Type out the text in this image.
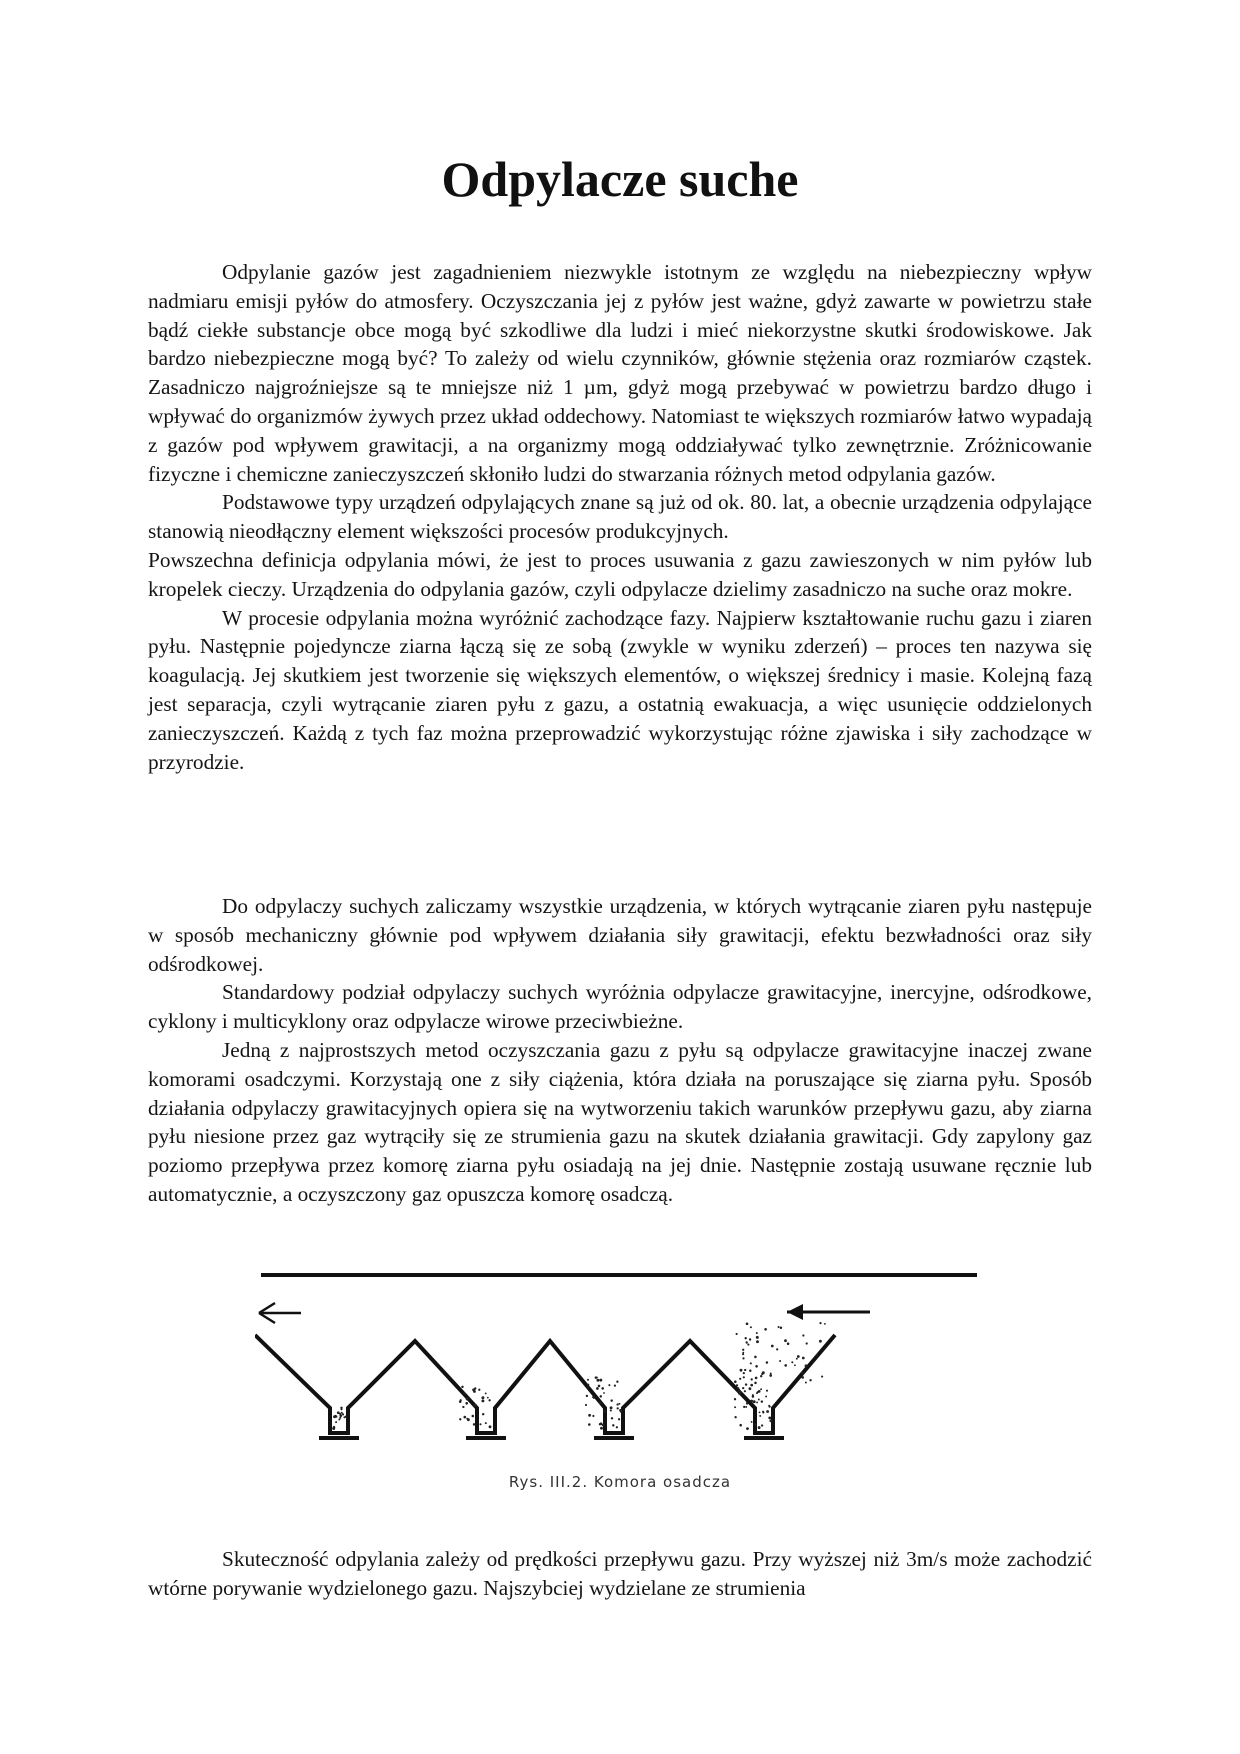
Odpylacze suche

Odpylanie gazów jest zagadnieniem niezwykle istotnym ze względu na niebezpieczny wpływ nadmiaru emisji pyłów do atmosfery. Oczyszczania jej z pyłów jest ważne, gdyż zawarte w powietrzu stałe bądź ciekłe substancje obce mogą być szkodliwe dla ludzi i mieć niekorzystne skutki środowiskowe. Jak bardzo niebezpieczne mogą być? To zależy od wielu czynników, głównie stężenia oraz rozmiarów cząstek. Zasadniczo najgroźniejsze są te mniejsze niż 1 µm, gdyż mogą przebywać w powietrzu bardzo długo i wpływać do organizmów żywych przez układ oddechowy. Natomiast te większych rozmiarów łatwo wypadają z gazów pod wpływem grawitacji, a na organizmy mogą oddziaływać tylko zewnętrznie. Zróżnicowanie fizyczne i chemiczne zanieczyszczeń skłoniło ludzi do stwarzania różnych metod odpylania gazów.

Podstawowe typy urządzeń odpylających znane są już od ok. 80. lat, a obecnie urządzenia odpylające stanowią nieodłączny element większości procesów produkcyjnych.

Powszechna definicja odpylania mówi, że jest to proces usuwania z gazu zawieszonych w nim pyłów lub kropelek cieczy. Urządzenia do odpylania gazów, czyli odpylacze dzielimy zasadniczo na suche oraz mokre.

W procesie odpylania można wyróżnić zachodzące fazy. Najpierw kształtowanie ruchu gazu i ziaren pyłu. Następnie pojedyncze ziarna łączą się ze sobą (zwykle w wyniku zderzeń) – proces ten nazywa się koagulacją. Jej skutkiem jest tworzenie się większych elementów, o większej średnicy i masie. Kolejną fazą jest separacja, czyli wytrącanie ziaren pyłu z gazu, a ostatnią ewakuacja, a więc usunięcie oddzielonych zanieczyszczeń. Każdą z tych faz można przeprowadzić wykorzystując różne zjawiska i siły zachodzące w przyrodzie.

Do odpylaczy suchych zaliczamy wszystkie urządzenia, w których wytrącanie ziaren pyłu następuje w sposób mechaniczny głównie pod wpływem działania siły grawitacji, efektu bezwładności oraz siły odśrodkowej.

Standardowy podział odpylaczy suchych wyróżnia odpylacze grawitacyjne, inercyjne, odśrodkowe, cyklony i multicyklony oraz odpylacze wirowe przeciwbieżne.

Jedną z najprostszych metod oczyszczania gazu z pyłu są odpylacze grawitacyjne inaczej zwane komorami osadczymi. Korzystają one z siły ciążenia, która działa na poruszające się ziarna pyłu. Sposób działania odpylaczy grawitacyjnych opiera się na wytworzeniu takich warunków przepływu gazu, aby ziarna pyłu niesione przez gaz wytrąciły się ze strumienia gazu na skutek działania grawitacji. Gdy zapylony gaz poziomo przepływa przez komorę ziarna pyłu osiadają na jej dnie. Następnie zostają usuwane ręcznie lub automatycznie, a oczyszczony gaz opuszcza komorę osadczą.

Rys. III.2. Komora osadcza

Skuteczność odpylania zależy od prędkości przepływu gazu. Przy wyższej niż 3m/s może zachodzić wtórne porywanie wydzielonego gazu. Najszybciej wydzielane ze strumienia
